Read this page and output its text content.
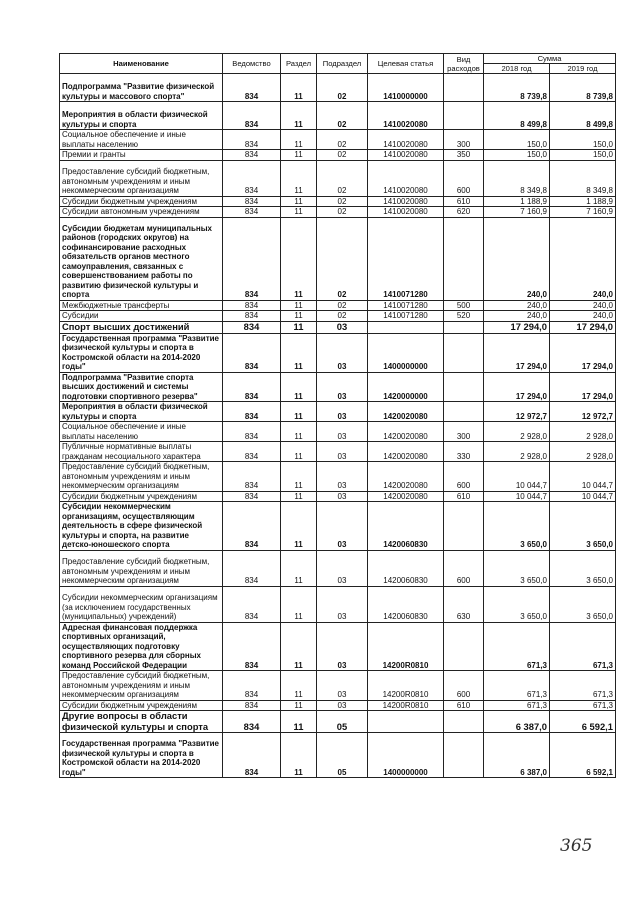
Наименование	Ведомство	Раздел	Подраздел	Целевая статья	Вид расходов	Сумма	
						2018 год	2019 год
Подпрограмма "Развитие физической культуры и массового спорта"	834	11	02	1410000000		8 739,8	8 739,8
Мероприятия в области физической культуры и спорта	834	11	02	1410020080		8 499,8	8 499,8
Социальное обеспечение и иные выплаты населению	834	11	02	1410020080	300	150,0	150,0
Премии и гранты	834	11	02	1410020080	350	150,0	150,0
Предоставление субсидий бюджетным, автономным учреждениям и иным некоммерческим организациям	834	11	02	1410020080	600	8 349,8	8 349,8
Субсидии бюджетным учреждениям	834	11	02	1410020080	610	1 188,9	1 188,9
Субсидии автономным учреждениям	834	11	02	1410020080	620	7 160,9	7 160,9
Субсидии бюджетам муниципальных районов (городских округов) на софинансирование расходных обязательств органов местного самоуправления, связанных с совершенствованием работы по развитию физической культуры и спорта	834	11	02	1410071280		240,0	240,0
Межбюджетные трансферты	834	11	02	1410071280	500	240,0	240,0
Субсидии	834	11	02	1410071280	520	240,0	240,0
Спорт высших достижений	834	11	03			17 294,0	17 294,0
Государственная программа "Развитие физической культуры и спорта в Костромской области на 2014-2020 годы"	834	11	03	1400000000		17 294,0	17 294,0
Подпрограмма "Развитие спорта высших достижений и системы подготовки спортивного резерва"	834	11	03	1420000000		17 294,0	17 294,0
Мероприятия в области физической культуры и спорта	834	11	03	1420020080		12 972,7	12 972,7
Социальное обеспечение и иные выплаты населению	834	11	03	1420020080	300	2 928,0	2 928,0
Публичные нормативные выплаты гражданам несоциального характера	834	11	03	1420020080	330	2 928,0	2 928,0
Предоставление субсидий бюджетным, автономным учреждениям и иным некоммерческим организациям	834	11	03	1420020080	600	10 044,7	10 044,7
Субсидии бюджетным учреждениям	834	11	03	1420020080	610	10 044,7	10 044,7
Субсидии некоммерческим организациям, осуществляющим деятельность в сфере физической культуры и спорта, на развитие детско-юношеского спорта	834	11	03	1420060830		3 650,0	3 650,0
Предоставление субсидий бюджетным, автономным учреждениям и иным некоммерческим организациям	834	11	03	1420060830	600	3 650,0	3 650,0
Субсидии некоммерческим организациям (за исключением государственных (муниципальных) учреждений)	834	11	03	1420060830	630	3 650,0	3 650,0
Адресная финансовая поддержка спортивных организаций, осуществляющих подготовку спортивного резерва для сборных команд Российской Федерации	834	11	03	14200R0810		671,3	671,3
Предоставление субсидий бюджетным, автономным учреждениям и иным некоммерческим организациям	834	11	03	14200R0810	600	671,3	671,3
Субсидии бюджетным учреждениям	834	11	03	14200R0810	610	671,3	671,3
Другие вопросы в области физической культуры и спорта	834	11	05			6 387,0	6 592,1
Государственная программа "Развитие физической культуры и спорта в Костромской области на 2014-2020 годы"	834	11	05	1400000000		6 387,0	6 592,1
365
